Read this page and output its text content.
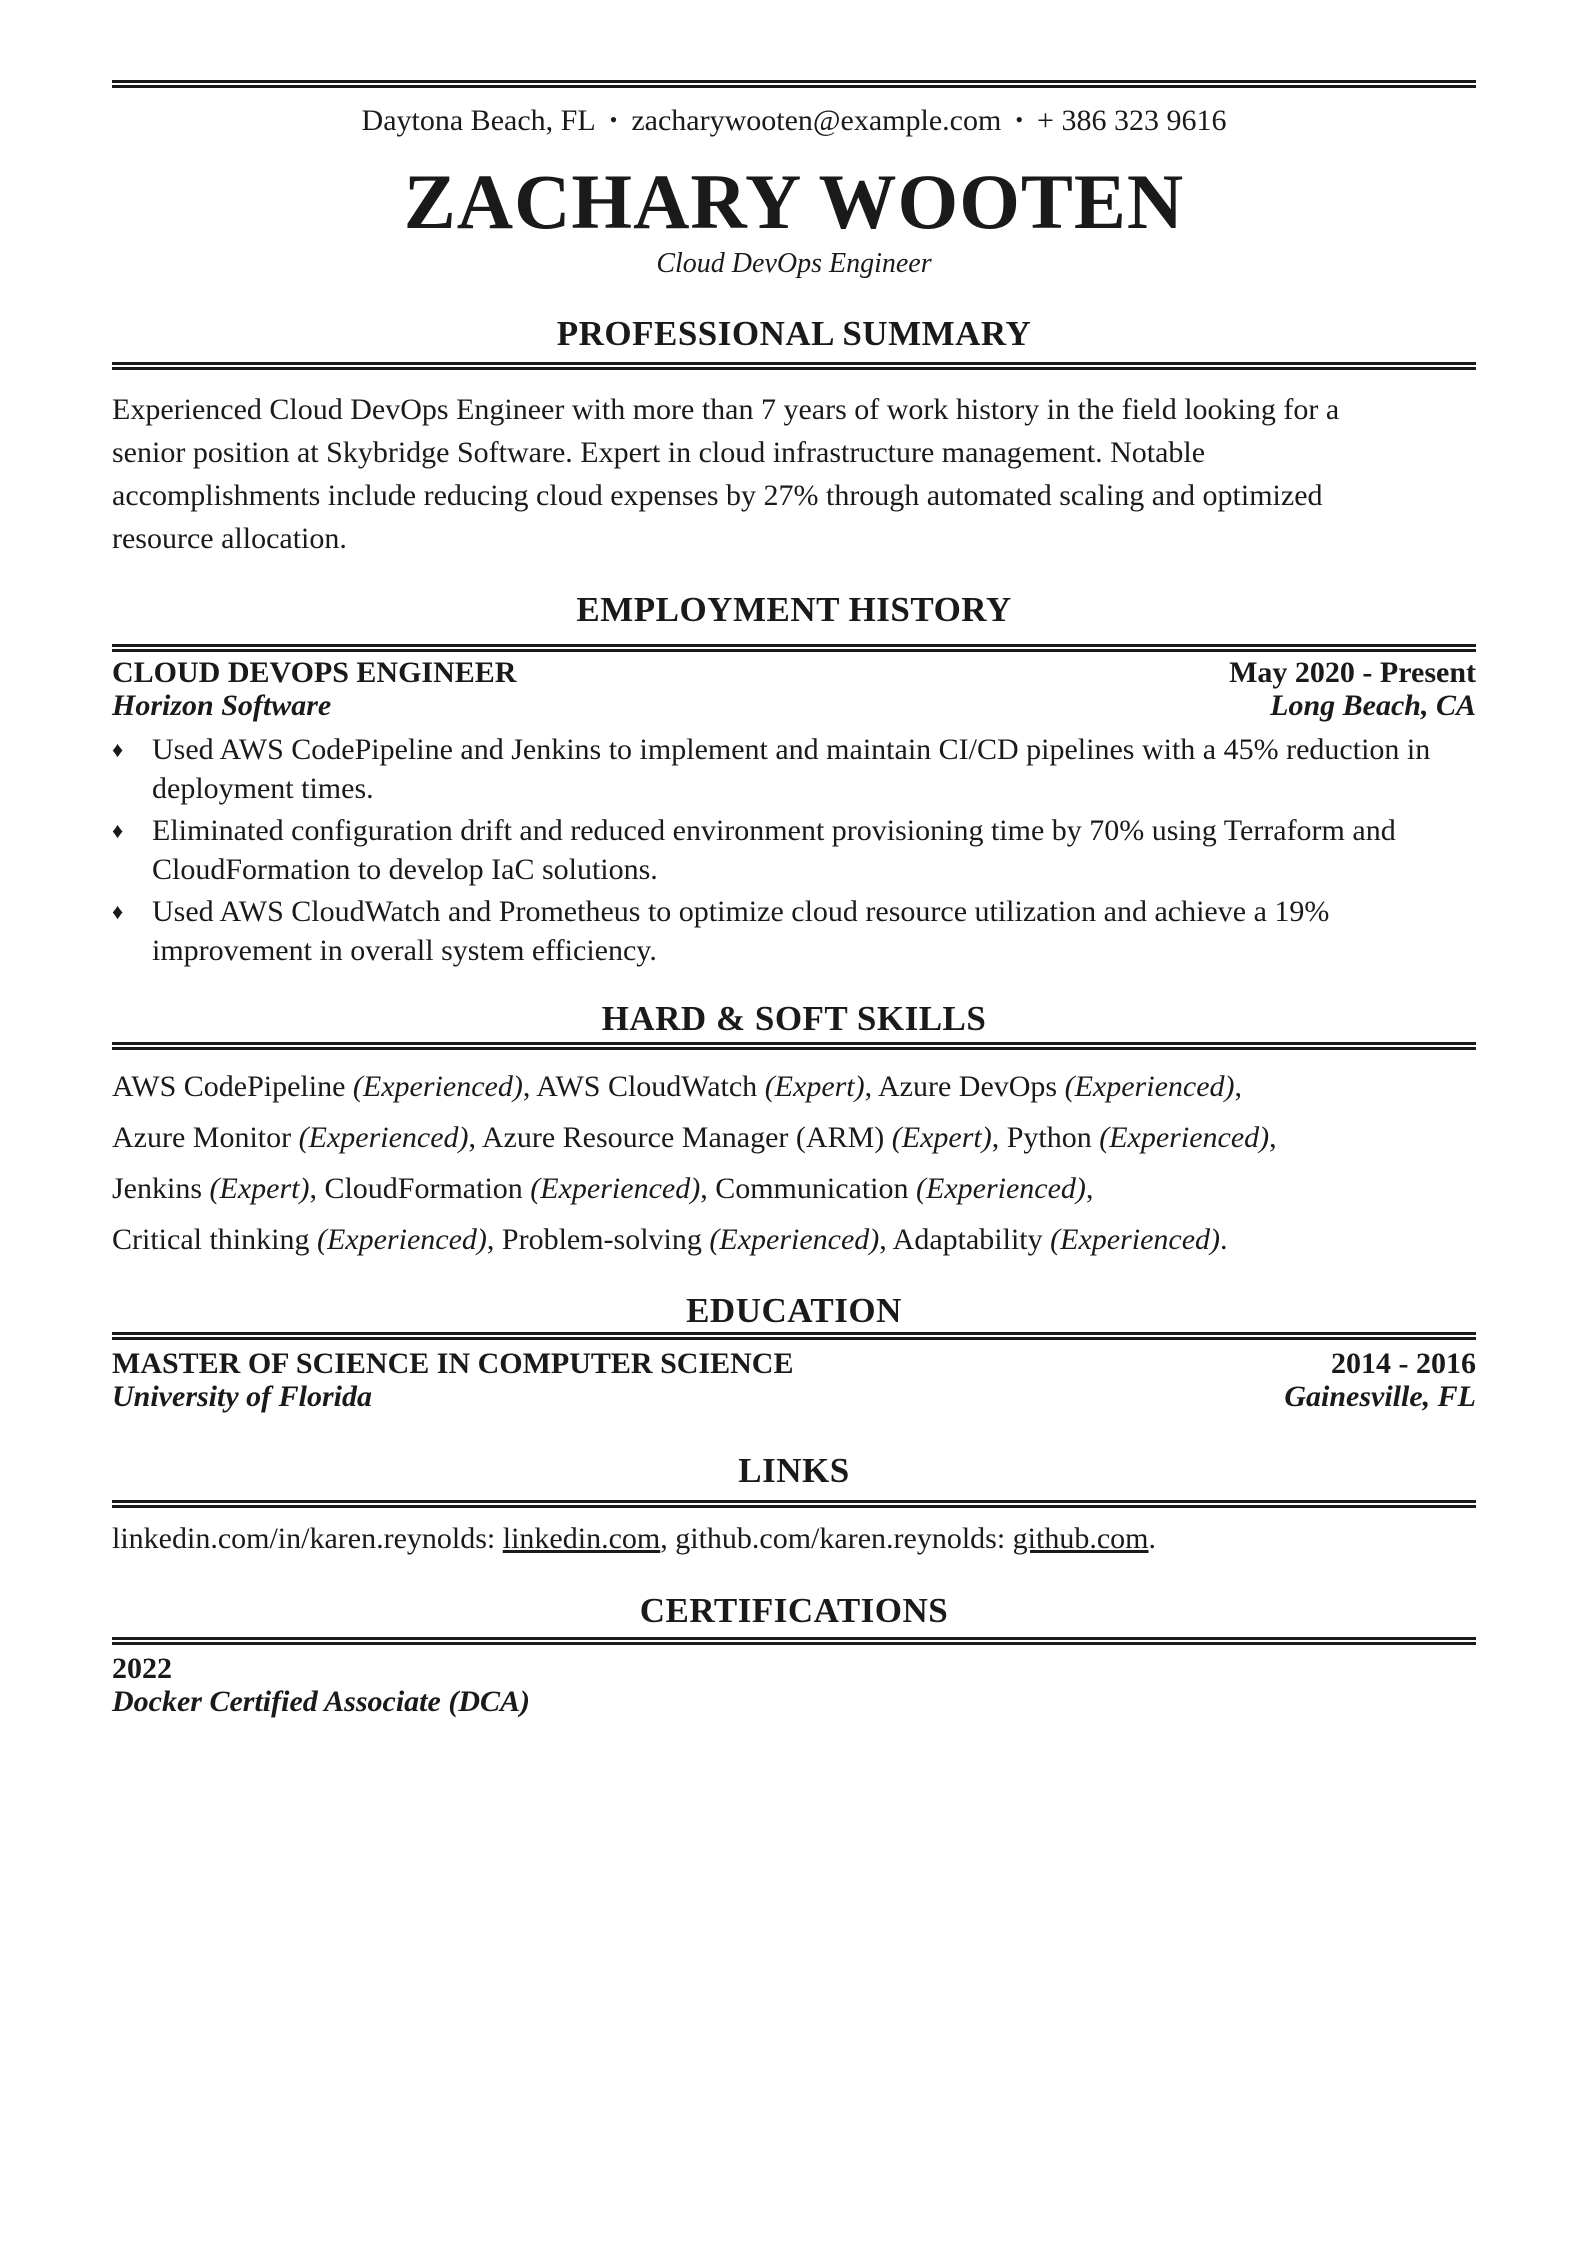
Daytona Beach, FL • zacharywooten@example.com • + 386 323 9616
ZACHARY WOOTEN
Cloud DevOps Engineer
PROFESSIONAL SUMMARY
Experienced Cloud DevOps Engineer with more than 7 years of work history in the field looking for a
senior position at Skybridge Software. Expert in cloud infrastructure management. Notable
accomplishments include reducing cloud expenses by 27% through automated scaling and optimized
resource allocation.
EMPLOYMENT HISTORY
CLOUD DEVOPS ENGINEER	May 2020 - Present
Horizon Software	Long Beach, CA
♦ Used AWS CodePipeline and Jenkins to implement and maintain CI/CD pipelines with a 45% reduction in deployment times.
♦ Eliminated configuration drift and reduced environment provisioning time by 70% using Terraform and CloudFormation to develop IaC solutions.
♦ Used AWS CloudWatch and Prometheus to optimize cloud resource utilization and achieve a 19% improvement in overall system efficiency.
HARD & SOFT SKILLS
AWS CodePipeline (Experienced), AWS CloudWatch (Expert), Azure DevOps (Experienced),
Azure Monitor (Experienced), Azure Resource Manager (ARM) (Expert), Python (Experienced),
Jenkins (Expert), CloudFormation (Experienced), Communication (Experienced),
Critical thinking (Experienced), Problem-solving (Experienced), Adaptability (Experienced).
EDUCATION
MASTER OF SCIENCE IN COMPUTER SCIENCE	2014 - 2016
University of Florida	Gainesville, FL
LINKS
linkedin.com/in/karen.reynolds: linkedin.com, github.com/karen.reynolds: github.com.
CERTIFICATIONS
2022
Docker Certified Associate (DCA)
